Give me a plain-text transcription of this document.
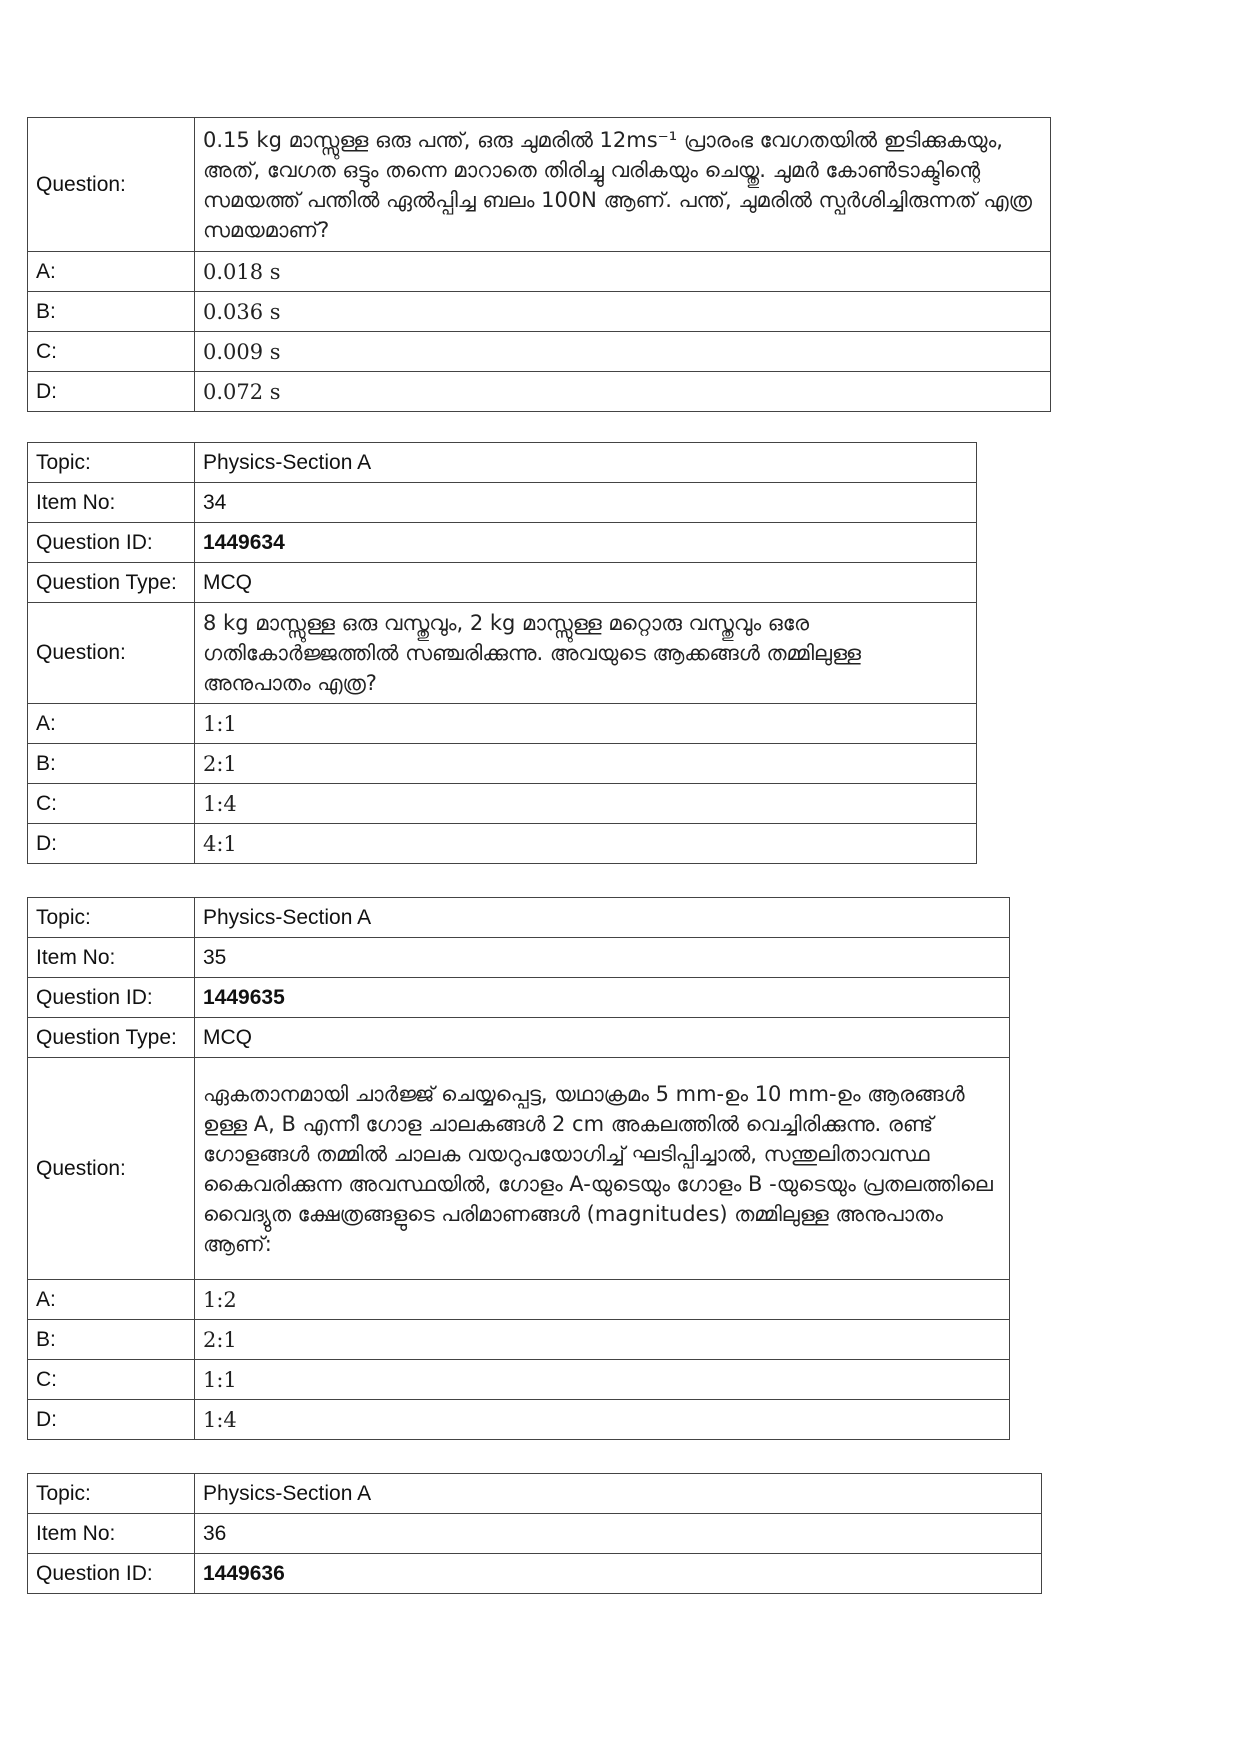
Question:	0.15 kg മാസ്സുള്ള ഒരു പന്ത്, ഒരു ചുമരിൽ 12ms⁻¹ പ്രാരംഭ വേഗതയിൽ ഇടിക്കുകയും, അത്, വേഗത ഒട്ടും തന്നെ മാറാതെ തിരിച്ചു വരികയും ചെയ്തു. ചുമർ കോൺടാക്ടിന്റെ സമയത്ത് പന്തിൽ ഏൽപ്പിച്ച ബലം 100N ആണ്. പന്ത്, ചുമരിൽ സ്പർശിച്ചിരുന്നത് എത്ര സമയമാണ്?
A:	0.018 s
B:	0.036 s
C:	0.009 s
D:	0.072 s
Topic:	Physics-Section A
Item No:	34
Question ID:	1449634
Question Type:	MCQ
Question:	8 kg മാസ്സുള്ള ഒരു വസ്തുവും, 2 kg മാസ്സുള്ള മറ്റൊരു വസ്തുവും ഒരേ ഗതികോർജ്ജത്തിൽ സഞ്ചരിക്കുന്നു. അവയുടെ ആക്കങ്ങൾ തമ്മിലുള്ള അനുപാതം എത്ര?
A:	1:1
B:	2:1
C:	1:4
D:	4:1
Topic:	Physics-Section A
Item No:	35
Question ID:	1449635
Question Type:	MCQ
Question:	ഏകതാനമായി ചാർജ്ജ് ചെയ്യപ്പെട്ട, യഥാക്രമം 5 mm-ഉം 10 mm-ഉം ആരങ്ങൾ ഉള്ള A, B എന്നീ ഗോള ചാലകങ്ങൾ 2 cm അകലത്തിൽ വെച്ചിരിക്കുന്നു. രണ്ട് ഗോളങ്ങൾ തമ്മിൽ ചാലക വയറുപയോഗിച്ച് ഘടിപ്പിച്ചാൽ, സന്തുലിതാവസ്ഥ കൈവരിക്കുന്ന അവസ്ഥയിൽ, ഗോളം A-യുടെയും ഗോളം B -യുടെയും പ്രതലത്തിലെ വൈദ്യുത ക്ഷേത്രങ്ങളുടെ പരിമാണങ്ങൾ (magnitudes) തമ്മിലുള്ള അനുപാതം ആണ്:
A:	1:2
B:	2:1
C:	1:1
D:	1:4
Topic:	Physics-Section A
Item No:	36
Question ID:	1449636
